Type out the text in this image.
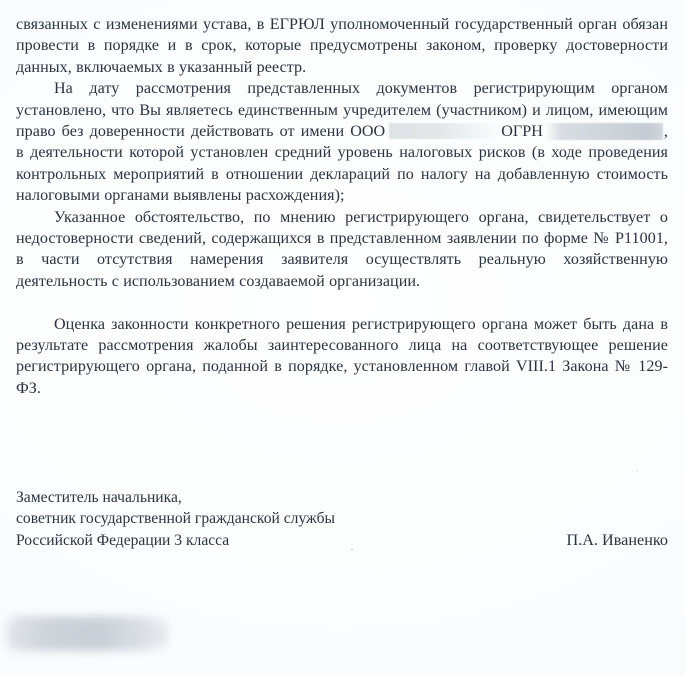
связанных с изменениями устава, в ЕГРЮЛ уполномоченный государственный орган обязан провести в порядке и в срок, которые предусмотрены законом, проверку достоверности данных, включаемых в указанный реестр.

На дату рассмотрения представленных документов регистрирующим органом установлено, что Вы являетесь единственным учредителем (участником) и лицом, имеющим право без доверенности действовать от имени ООО	ОГРН	, в деятельности которой установлен средний уровень налоговых рисков (в ходе проведения контрольных мероприятий в отношении деклараций по налогу на добавленную стоимость налоговыми органами выявлены расхождения);

Указанное обстоятельство, по мнению регистрирующего органа, свидетельствует о недостоверности сведений, содержащихся в представленном заявлении по форме № Р11001, в части отсутствия намерения заявителя осуществлять реальную хозяйственную деятельность с использованием создаваемой организации.

Оценка законности конкретного решения регистрирующего органа может быть дана в результате рассмотрения жалобы заинтересованного лица на соответствующее решение регистрирующего органа, поданной в порядке, установленном главой VIII.1 Закона № 129-ФЗ.

Заместитель начальника,
советник государственной гражданской службы
Российской Федерации 3 класса	П.А. Иваненко
